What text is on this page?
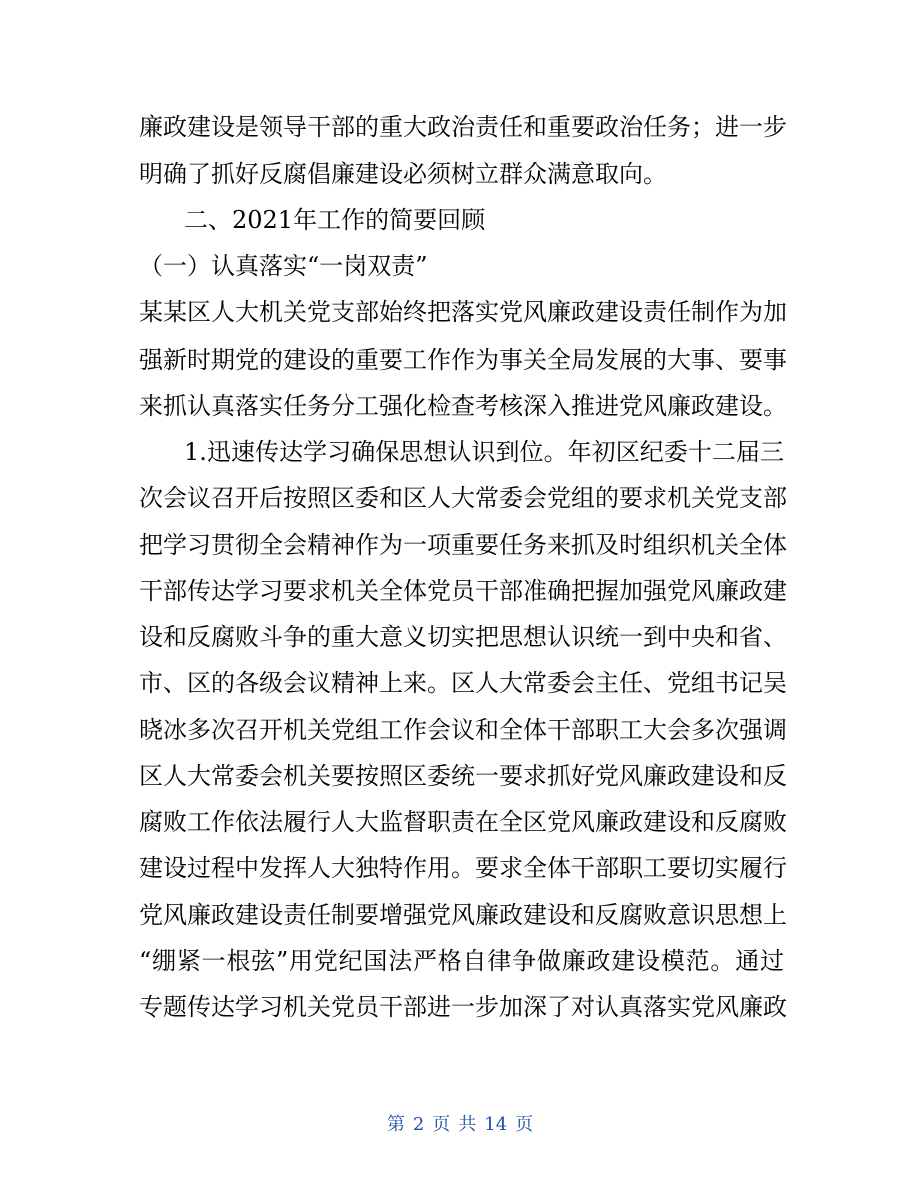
廉政建设是领导干部的重大政治责任和重要政治任务；进一步
明确了抓好反腐倡廉建设必须树立群众满意取向。
二、2021年工作的简要回顾
（一）认真落实“一岗双责”
某某区人大机关党支部始终把落实党风廉政建设责任制作为加
强新时期党的建设的重要工作作为事关全局发展的大事、要事
来抓认真落实任务分工强化检查考核深入推进党风廉政建设。
1.迅速传达学习确保思想认识到位。年初区纪委十二届三
次会议召开后按照区委和区人大常委会党组的要求机关党支部
把学习贯彻全会精神作为一项重要任务来抓及时组织机关全体
干部传达学习要求机关全体党员干部准确把握加强党风廉政建
设和反腐败斗争的重大意义切实把思想认识统一到中央和省、
市、区的各级会议精神上来。区人大常委会主任、党组书记吴
晓冰多次召开机关党组工作会议和全体干部职工大会多次强调
区人大常委会机关要按照区委统一要求抓好党风廉政建设和反
腐败工作依法履行人大监督职责在全区党风廉政建设和反腐败
建设过程中发挥人大独特作用。要求全体干部职工要切实履行
党风廉政建设责任制要增强党风廉政建设和反腐败意识思想上
“绷紧一根弦”用党纪国法严格自律争做廉政建设模范。通过
专题传达学习机关党员干部进一步加深了对认真落实党风廉政
第 2 页 共 14 页
